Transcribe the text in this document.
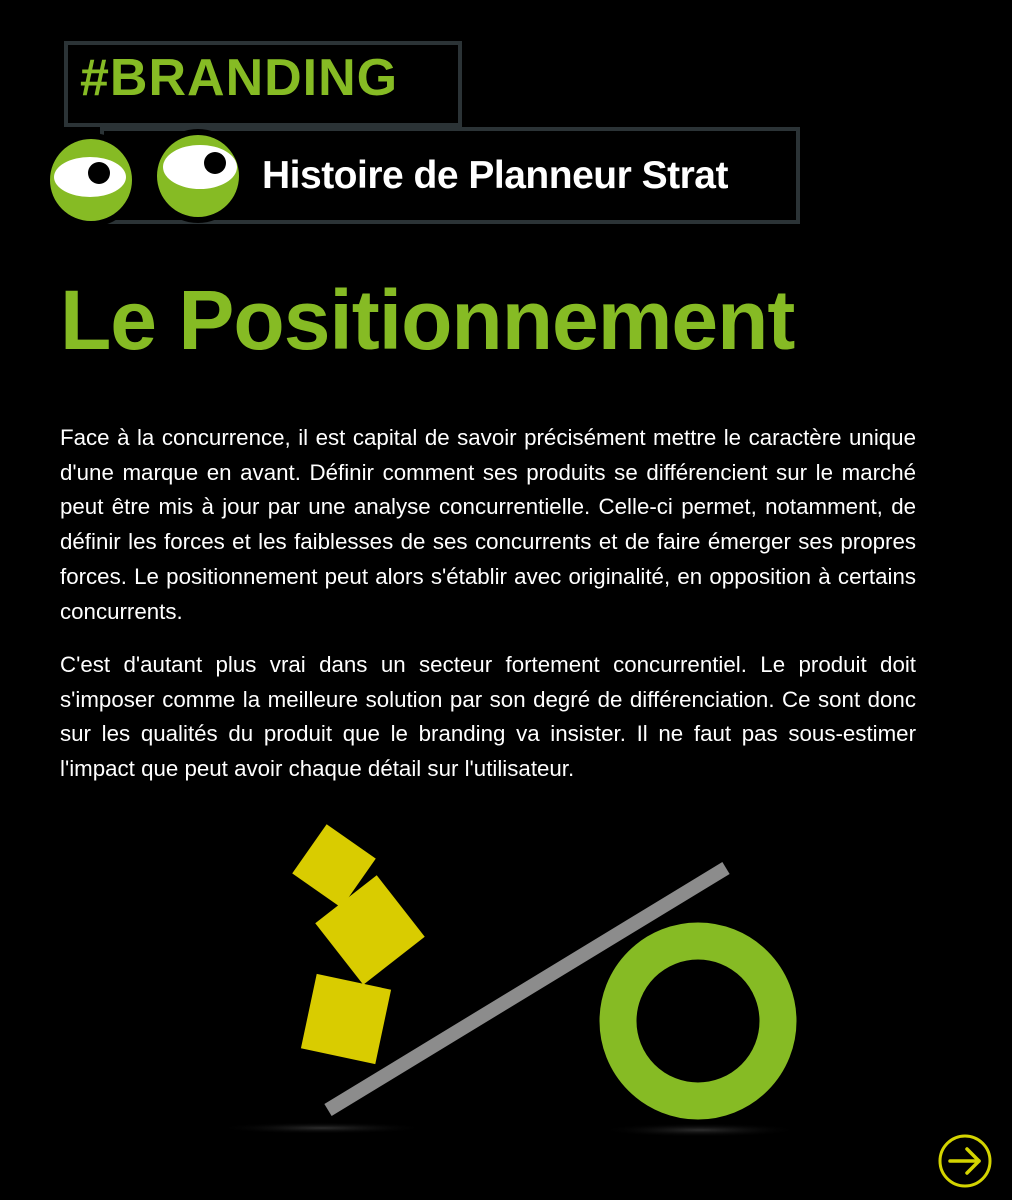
#BRANDING
Histoire de Planneur Strat
Le Positionnement

Face à la concurrence, il est capital de savoir précisément mettre le caractère unique d'une marque en avant. Définir comment ses produits se différencient sur le marché peut être mis à jour par une analyse concurrentielle. Celle-ci permet, notamment, de définir les forces et les faiblesses de ses concurrents et de faire émerger ses propres forces. Le positionnement peut alors s'établir avec originalité, en opposition à certains concurrents.

C'est d'autant plus vrai dans un secteur fortement concurrentiel. Le produit doit s'imposer comme la meilleure solution par son degré de différenciation. Ce sont donc sur les qualités du produit que le branding va insister. Il ne faut pas sous-estimer l'impact que peut avoir chaque détail sur l'utilisateur.
